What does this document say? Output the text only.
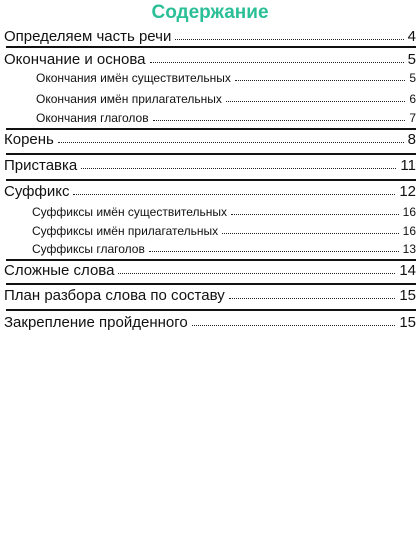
Содержание
Определяем часть речи	4
Окончание и основа	5
Окончания имён существительных	5
Окончания имён прилагательных	6
Окончания глаголов	7
Корень	8
Приставка	11
Суффикс	12
Суффиксы имён существительных	16
Суффиксы имён прилагательных	16
Суффиксы глаголов	13
Сложные слова	14
План разбора слова по составу	15
Закрепление пройденного	15
